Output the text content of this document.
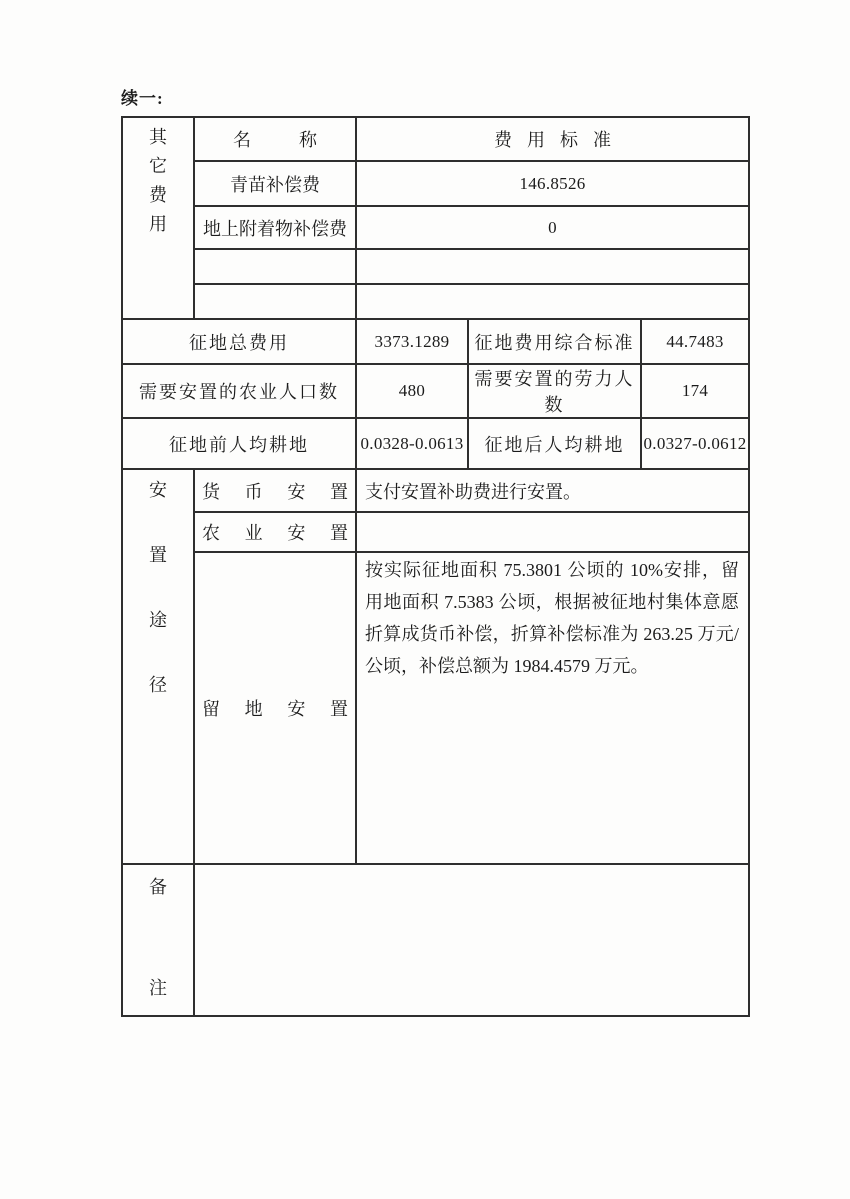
续一:
其
它
费
用	名 称	费用标准		
	青苗补偿费	146.8526		
	地上附着物补偿费	0		

征地总费用		3373.1289	征地费用综合标准	44.7483
需要安置的农业人口数		480	需要安置的劳力人数	174
征地前人均耕地		0.0328-0.0613	征地后人均耕地	0.0327-0.0612

安
置
途
径	货 币 安 置	支付安置补助费进行安置。		

	农 业 安 置			

	留 地 安 置	按实际征地面积 75.3801 公顷的 10%安排，留用地面积 7.5383 公顷，根据被征地村集体意愿折算成货币补偿，折算补偿标准为 263.25 万元/公顷，补偿总额为 1984.4579 万元。		

备
注				
